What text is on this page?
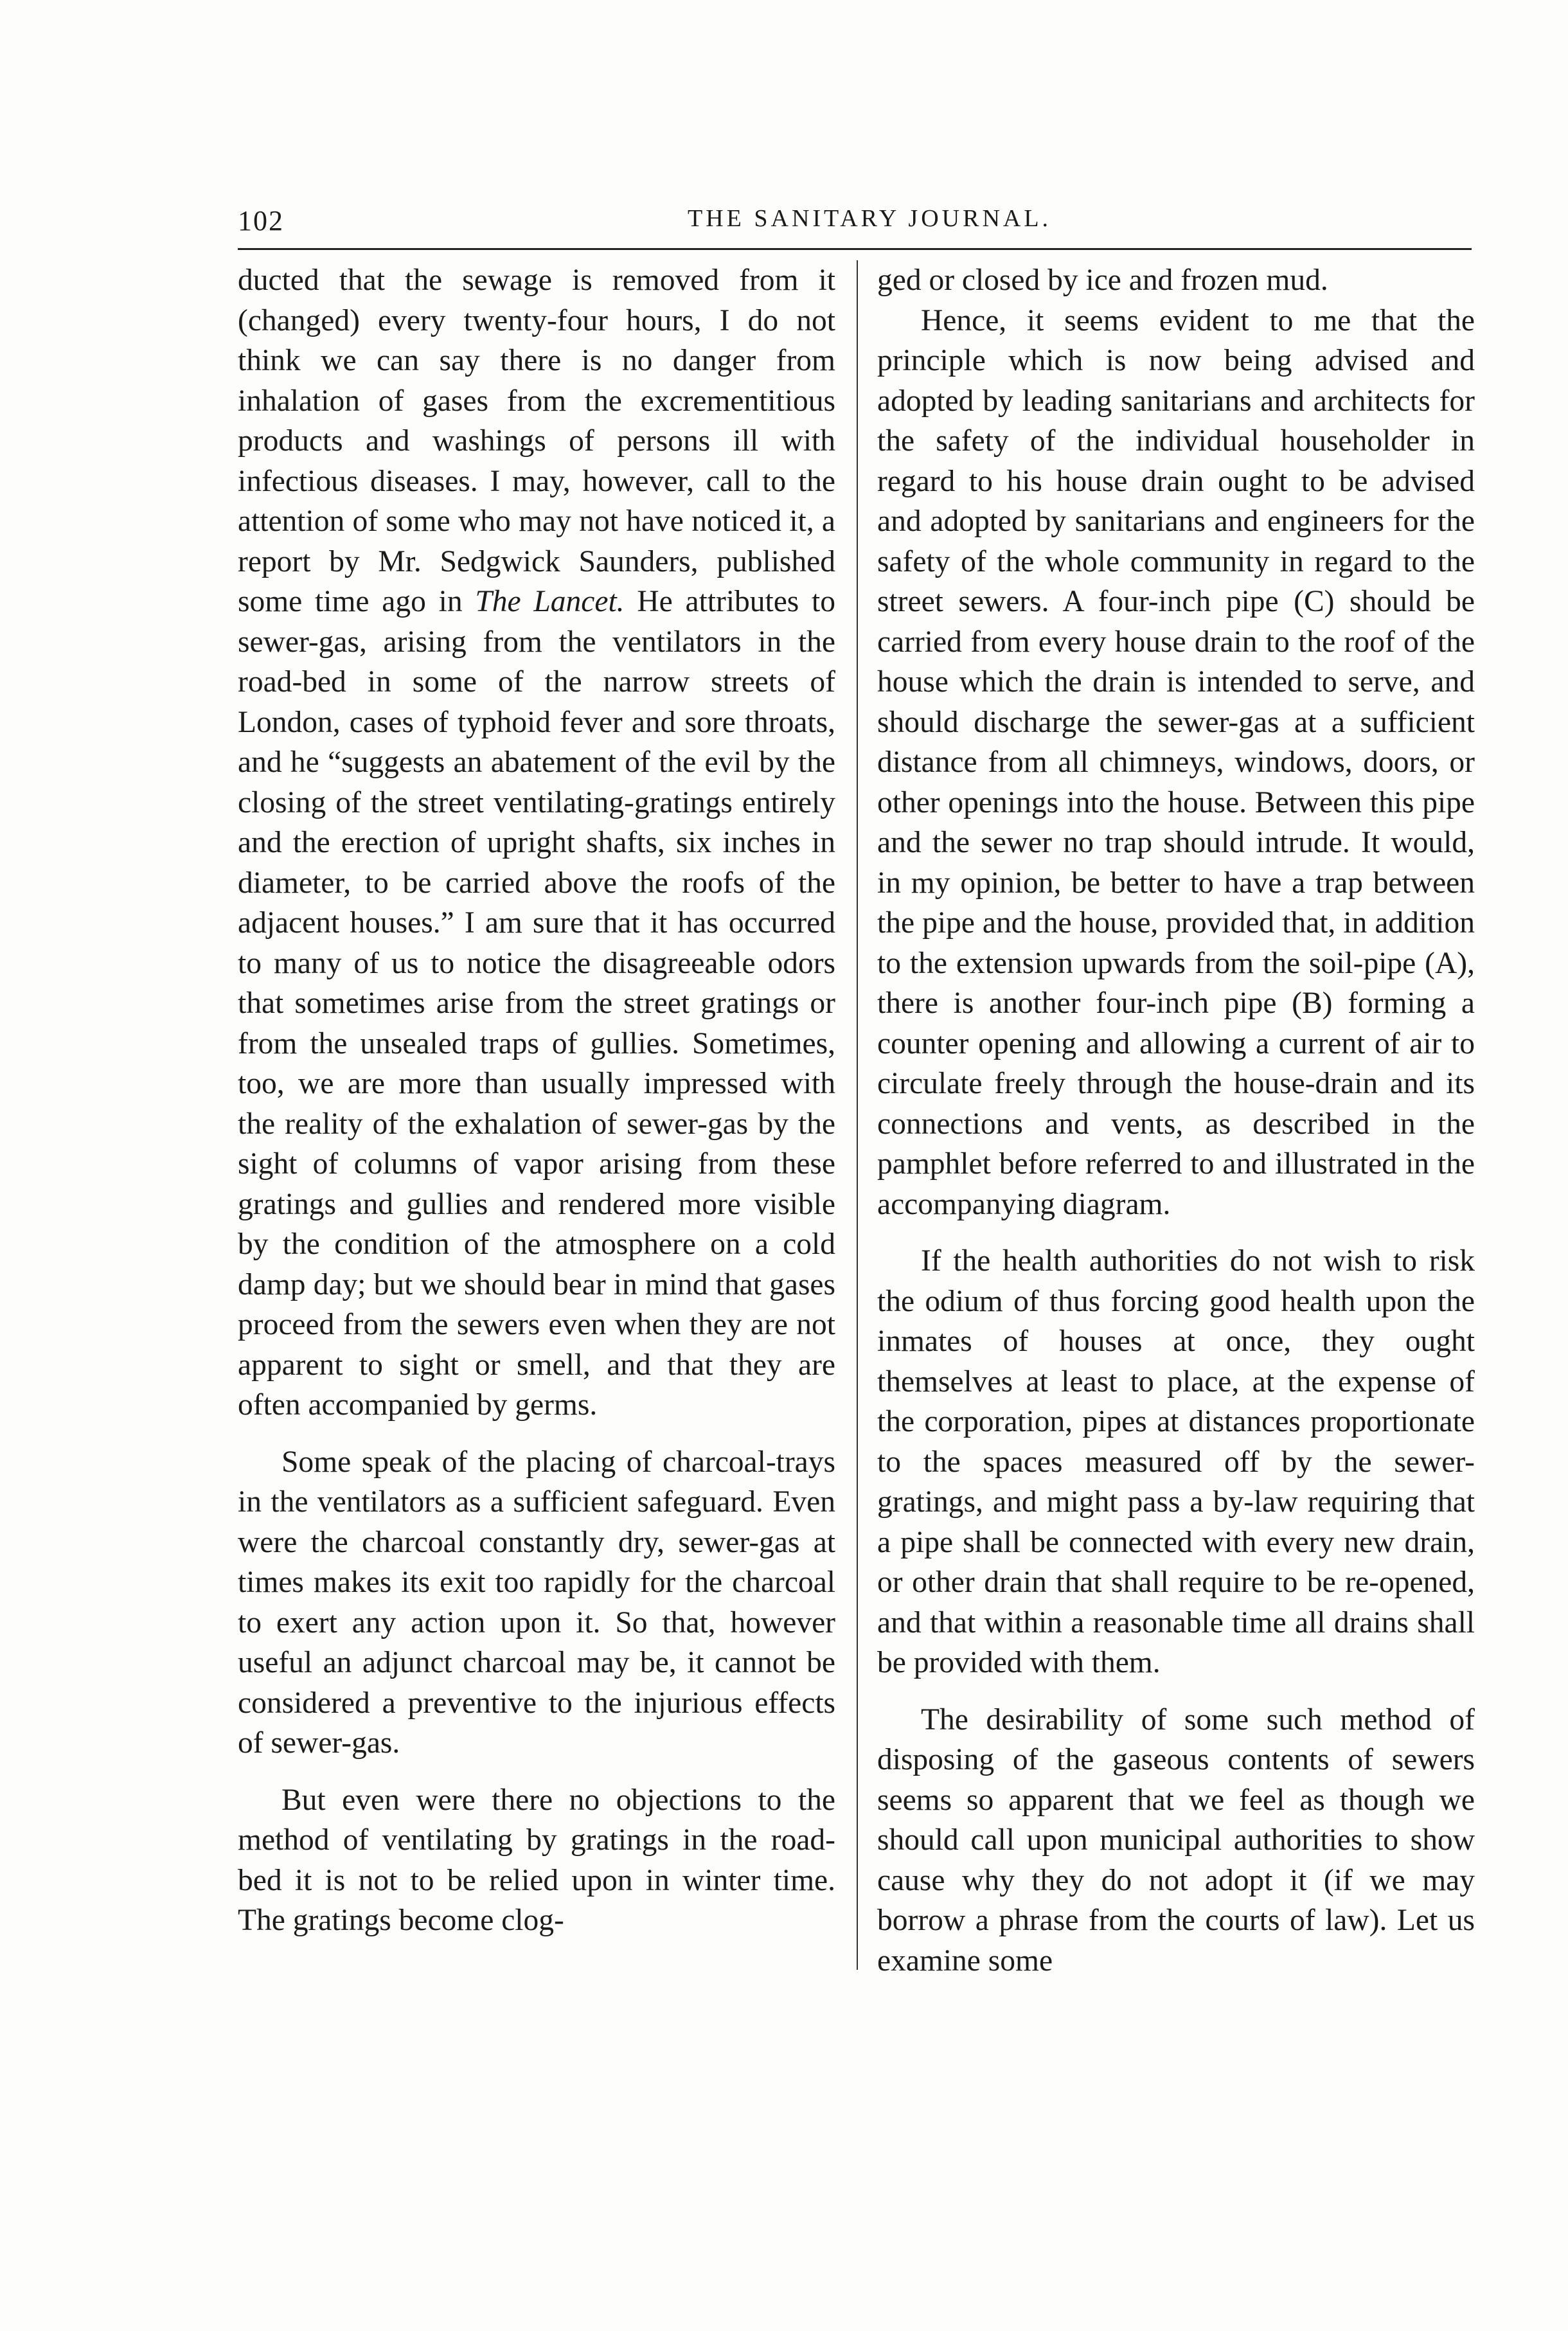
102	THE SANITARY JOURNAL.

ducted that the sewage is removed from it (changed) every twenty-four hours, I do not think we can say there is no danger from inhalation of gases from the excrementitious products and washings of persons ill with infectious diseases. I may, however, call to the attention of some who may not have noticed it, a report by Mr. Sedgwick Saunders, published some time ago in The Lancet. He attributes to sewer-gas, arising from the ventilators in the road-bed in some of the narrow streets of London, cases of typhoid fever and sore throats, and he “suggests an abatement of the evil by the closing of the street ventilating-gratings entirely and the erection of upright shafts, six inches in diameter, to be carried above the roofs of the adjacent houses.” I am sure that it has occurred to many of us to notice the disagreeable odors that sometimes arise from the street gratings or from the unsealed traps of gullies. Sometimes, too, we are more than usually impressed with the reality of the exhalation of sewer-gas by the sight of columns of vapor arising from these gratings and gullies and rendered more visible by the condition of the atmosphere on a cold damp day; but we should bear in mind that gases proceed from the sewers even when they are not apparent to sight or smell, and that they are often accompanied by germs.

Some speak of the placing of charcoal-trays in the ventilators as a sufficient safeguard. Even were the charcoal constantly dry, sewer-gas at times makes its exit too rapidly for the charcoal to exert any action upon it. So that, however useful an adjunct charcoal may be, it cannot be considered a preventive to the injurious effects of sewer-gas.

But even were there no objections to the method of ventilating by gratings in the road-bed it is not to be relied upon in winter time. The gratings become clog-

ged or closed by ice and frozen mud.

Hence, it seems evident to me that the principle which is now being advised and adopted by leading sanitarians and architects for the safety of the individual householder in regard to his house drain ought to be advised and adopted by sanitarians and engineers for the safety of the whole community in regard to the street sewers. A four-inch pipe (C) should be carried from every house drain to the roof of the house which the drain is intended to serve, and should discharge the sewer-gas at a sufficient distance from all chimneys, windows, doors, or other openings into the house. Between this pipe and the sewer no trap should intrude. It would, in my opinion, be better to have a trap between the pipe and the house, provided that, in addition to the extension upwards from the soil-pipe (A), there is another four-inch pipe (B) forming a counter opening and allowing a current of air to circulate freely through the house-drain and its connections and vents, as described in the pamphlet before referred to and illustrated in the accompanying diagram.

If the health authorities do not wish to risk the odium of thus forcing good health upon the inmates of houses at once, they ought themselves at least to place, at the expense of the corporation, pipes at distances proportionate to the spaces measured off by the sewer-gratings, and might pass a by-law requiring that a pipe shall be connected with every new drain, or other drain that shall require to be re-opened, and that within a reasonable time all drains shall be provided with them.

The desirability of some such method of disposing of the gaseous contents of sewers seems so apparent that we feel as though we should call upon municipal authorities to show cause why they do not adopt it (if we may borrow a phrase from the courts of law). Let us examine some
